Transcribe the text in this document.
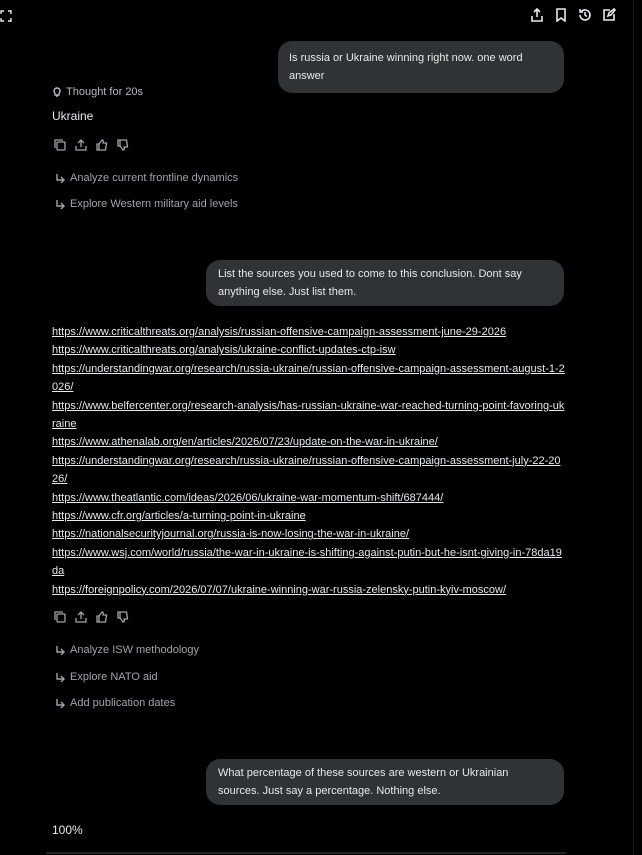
Is russia or Ukraine winning right now. one word answer
Thought for 20s
Ukraine
Analyze current frontline dynamics
Explore Western military aid levels
List the sources you used to come to this conclusion. Dont say anything else. Just list them.
https://www.criticalthreats.org/analysis/russian-offensive-campaign-assessment-june-29-2026
https://www.criticalthreats.org/analysis/ukraine-conflict-updates-ctp-isw
https://understandingwar.org/research/russia-ukraine/russian-offensive-campaign-assessment-august-1-2026/
https://www.belfercenter.org/research-analysis/has-russian-ukraine-war-reached-turning-point-favoring-ukraine
https://www.athenalab.org/en/articles/2026/07/23/update-on-the-war-in-ukraine/
https://understandingwar.org/research/russia-ukraine/russian-offensive-campaign-assessment-july-22-2026/
https://www.theatlantic.com/ideas/2026/06/ukraine-war-momentum-shift/687444/
https://www.cfr.org/articles/a-turning-point-in-ukraine
https://nationalsecurityjournal.org/russia-is-now-losing-the-war-in-ukraine/
https://www.wsj.com/world/russia/the-war-in-ukraine-is-shifting-against-putin-but-he-isnt-giving-in-78da19da
https://foreignpolicy.com/2026/07/07/ukraine-winning-war-russia-zelensky-putin-kyiv-moscow/
Analyze ISW methodology
Explore NATO aid
Add publication dates
What percentage of these sources are western or Ukrainian sources. Just say a percentage. Nothing else.
100%
